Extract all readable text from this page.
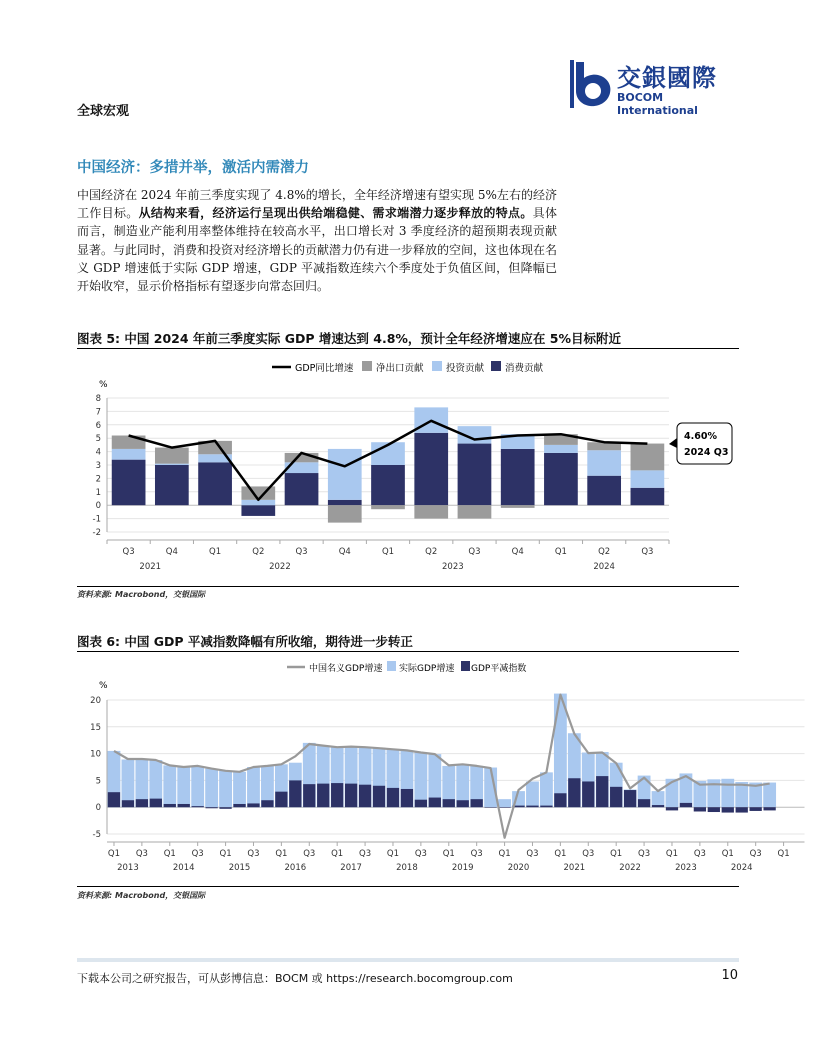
全球宏观
交銀國際
BOCOM International
中国经济：多措并举，激活内需潜力
中国经济在 2024 年前三季度实现了 4.8%的增长，全年经济增速有望实现 5%左右的经济工作目标。从结构来看，经济运行呈现出供给端稳健、需求端潜力逐步释放的特点。具体而言，制造业产能利用率整体维持在较高水平，出口增长对 3 季度经济的超预期表现贡献显著。与此同时，消费和投资对经济增长的贡献潜力仍有进一步释放的空间，这也体现在名义 GDP 增速低于实际 GDP 增速，GDP 平减指数连续六个季度处于负值区间，但降幅已开始收窄，显示价格指标有望逐步向常态回归。
图表 5: 中国 2024 年前三季度实际 GDP 增速达到 4.8%，预计全年经济增速应在 5%目标附近
GDP同比增速 净出口贡献 投资贡献 消费贡献
%
-2
-1
0
1
2
3
4
5
6
7
8
Q3	Q4	Q1	Q2	Q3	Q4	Q1	Q2	Q3	Q4	Q1	Q2	Q3
2021	2022	2023	2024
4.60%
2024 Q3
资料来源: Macrobond，交银国际
图表 6: 中国 GDP 平减指数降幅有所收缩，期待进一步转正
中国名义GDP增速 实际GDP增速 GDP平减指数
%
-5
0
5
10
15
20
Q1 Q3 Q1 Q3 Q1 Q3 Q1 Q3 Q1 Q3 Q1 Q3 Q1 Q3 Q1 Q3 Q1 Q3 Q1 Q3 Q1 Q3 Q1 Q3 Q1
2013	2014	2015	2016	2017	2018	2019	2020	2021	2022	2023	2024
资料来源: Macrobond，交银国际
下载本公司之研究报告，可从彭博信息：BOCM 或 https://research.bocomgroup.com	10
